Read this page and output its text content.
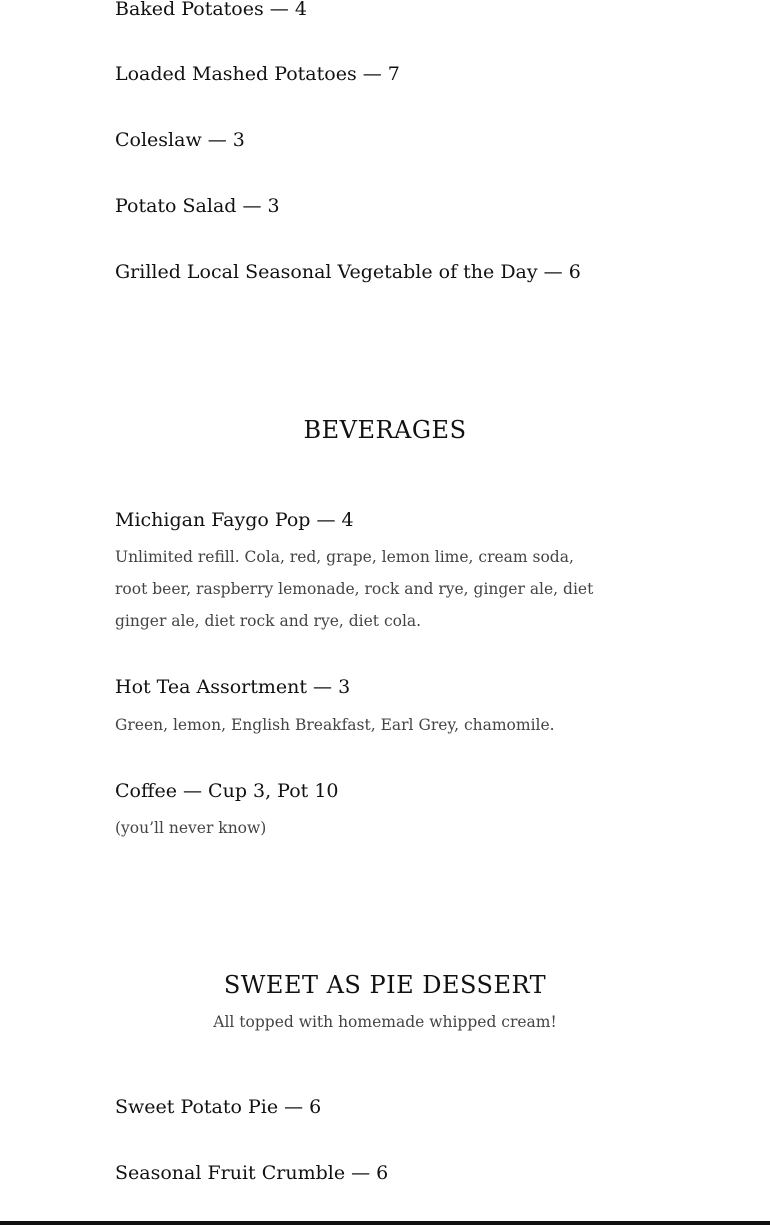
Baked Potatoes — 4
Loaded Mashed Potatoes — 7
Coleslaw — 3
Potato Salad — 3
Grilled Local Seasonal Vegetable of the Day — 6
BEVERAGES
Michigan Faygo Pop — 4
Unlimited refill. Cola, red, grape, lemon lime, cream soda, root beer, raspberry lemonade, rock and rye, ginger ale, diet ginger ale, diet rock and rye, diet cola.
Hot Tea Assortment — 3
Green, lemon, English Breakfast, Earl Grey, chamomile.
Coffee — Cup 3, Pot 10
(you’ll never know)
SWEET AS PIE DESSERT
All topped with homemade whipped cream!
Sweet Potato Pie — 6
Seasonal Fruit Crumble — 6
